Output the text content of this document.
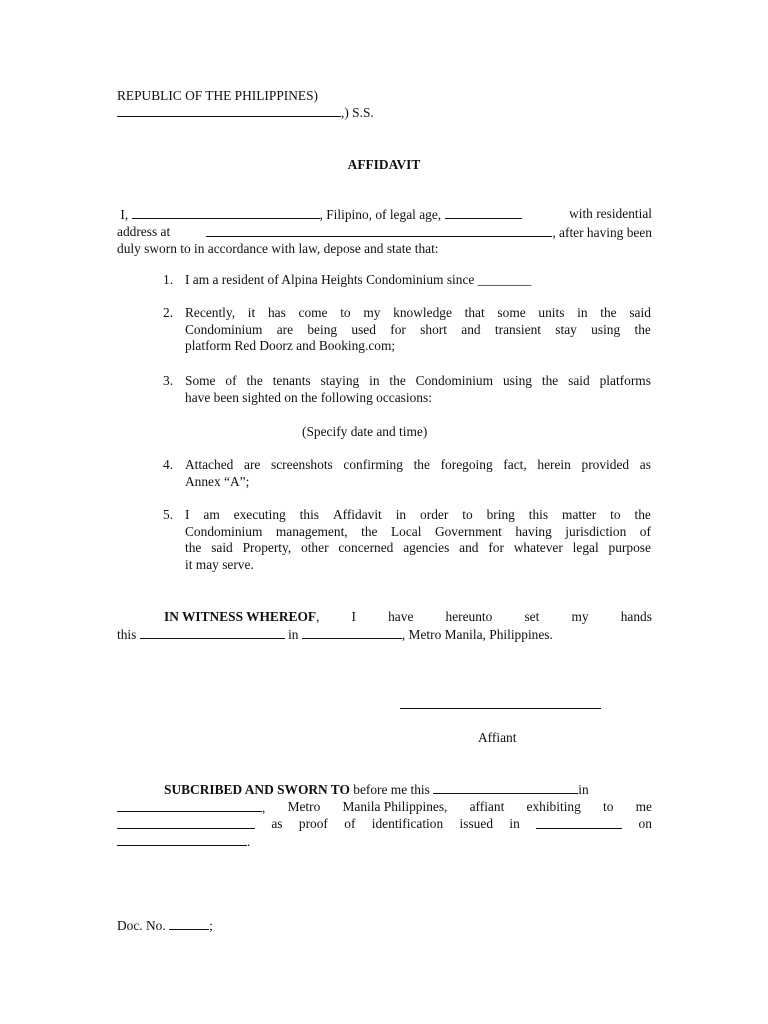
REPUBLIC OF THE PHILIPPINES)
,) S.S.
AFFIDAVIT
I,	, Filipino, of legal age,	with residential
address at	, after having been
duly sworn to in accordance with law, depose and state that:
1. I am a resident of Alpina Heights Condominium since ________
2. Recently, it has come to my knowledge that some units in the said
Condominium are being used for short and transient stay using the
platform Red Doorz and Booking.com;
3. Some of the tenants staying in the Condominium using the said platforms
have been sighted on the following occasions:
(Specify date and time)
4. Attached are screenshots confirming the foregoing fact, herein provided as
Annex “A”;
5. I am executing this Affidavit in order to bring this matter to the
Condominium management, the Local Government having jurisdiction of
the said Property, other concerned agencies and for whatever legal purpose
it may serve.
IN WITNESS WHEREOF, I have hereunto set my hands
this	in	, Metro Manila, Philippines.
Affiant
SUBCRIBED AND SWORN TO before me this	in
, Metro Manila Philippines, affiant exhibiting to me
as proof of identification issued in	on
.
Doc. No.	;
